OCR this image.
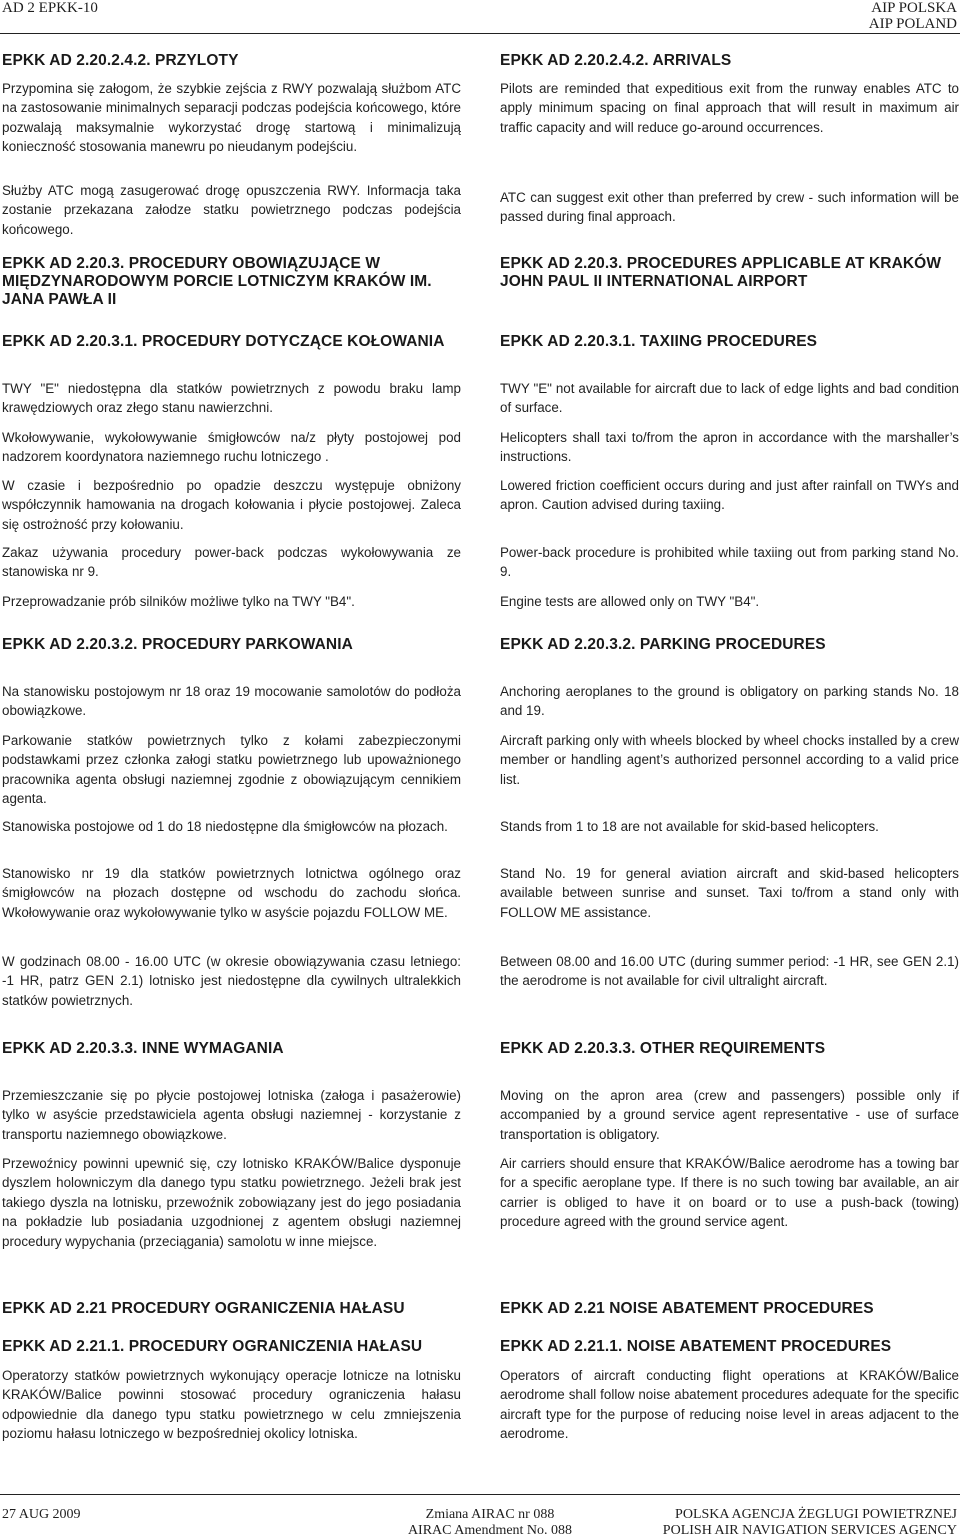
AD 2 EPKK-10	AIP POLSKA
AIP POLAND
EPKK AD 2.20.2.4.2. PRZYLOTY

Przypomina się załogom, że szybkie zejścia z RWY pozwalają służbom ATC na zastosowanie minimalnych separacji podczas podejścia końcowego, które pozwalają maksymalnie wykorzystać drogę startową i minimalizują konieczność stosowania manewru po nieudanym podejściu.

Służby ATC mogą zasugerować drogę opuszczenia RWY. Informacja taka zostanie przekazana załodze statku powietrznego podczas podejścia końcowego.

EPKK AD 2.20.3. PROCEDURY OBOWIĄZUJĄCE W MIĘDZYNARODOWYM PORCIE LOTNICZYM KRAKÓW IM. JANA PAWŁA II
EPKK AD 2.20.3.1. PROCEDURY DOTYCZĄCE KOŁOWANIA

TWY "E" niedostępna dla statków powietrznych z powodu braku lamp krawędziowych oraz złego stanu nawierzchni.

Wkołowywanie, wykołowywanie śmigłowców na/z płyty postojowej pod nadzorem koordynatora naziemnego ruchu lotniczego .

W czasie i bezpośrednio po opadzie deszczu występuje obniżony współczynnik hamowania na drogach kołowania i płycie postojowej. Zaleca się ostrożność przy kołowaniu.

Zakaz używania procedury power-back podczas wykołowywania ze stanowiska nr 9.

Przeprowadzanie prób silników możliwe tylko na TWY "B4".

EPKK AD 2.20.3.2. PROCEDURY PARKOWANIA

Na stanowisku postojowym nr 18 oraz 19 mocowanie samolotów do podłoża obowiązkowe.

Parkowanie statków powietrznych tylko z kołami zabezpieczonymi podstawkami przez członka załogi statku powietrznego lub upoważnionego pracownika agenta obsługi naziemnej zgodnie z obowiązującym cennikiem agenta.

Stanowiska postojowe od 1 do 18 niedostępne dla śmigłowców na płozach.

Stanowisko nr 19 dla statków powietrznych lotnictwa ogólnego oraz śmigłowców na płozach dostępne od wschodu do zachodu słońca. Wkołowywanie oraz wykołowywanie tylko w asyście pojazdu FOLLOW ME.

W godzinach 08.00 - 16.00 UTC (w okresie obowiązywania czasu letniego: -1 HR, patrz GEN 2.1) lotnisko jest niedostępne dla cywilnych ultralekkich statków powietrznych.

EPKK AD 2.20.3.3. INNE WYMAGANIA

Przemieszczanie się po płycie postojowej lotniska (załoga i pasażerowie) tylko w asyście przedstawiciela agenta obsługi naziemnej - korzystanie z transportu naziemnego obowiązkowe.

Przewoźnicy powinni upewnić się, czy lotnisko KRAKÓW/Balice dysponuje dyszlem holowniczym dla danego typu statku powietrznego. Jeżeli brak jest takiego dyszla na lotnisku, przewoźnik zobowiązany jest do jego posiadania na pokładzie lub posiadania uzgodnionej z agentem obsługi naziemnej procedury wypychania (przeciągania) samolotu w inne miejsce.

EPKK AD 2.21 PROCEDURY OGRANICZENIA HAŁASU
EPKK AD 2.21.1. PROCEDURY OGRANICZENIA HAŁASU

Operatorzy statków powietrznych wykonujący operacje lotnicze na lotnisku KRAKÓW/Balice powinni stosować procedury ograniczenia hałasu odpowiednie dla danego typu statku powietrznego w celu zmniejszenia poziomu hałasu lotniczego w bezpośredniej okolicy lotniska.

EPKK AD 2.20.2.4.2. ARRIVALS

Pilots are reminded that expeditious exit from the runway enables ATC to apply minimum spacing on final approach that will result in maximum air traffic capacity and will reduce go-around occurrences.

ATC can suggest exit other than preferred by crew - such information will be passed during final approach.

EPKK AD 2.20.3. PROCEDURES APPLICABLE AT KRAKÓW JOHN PAUL II INTERNATIONAL AIRPORT
EPKK AD 2.20.3.1. TAXIING PROCEDURES

TWY "E" not available for aircraft due to lack of edge lights and bad condition of surface.

Helicopters shall taxi to/from the apron in accordance with the marshaller’s instructions.

Lowered friction coefficient occurs during and just after rainfall on TWYs and apron. Caution advised during taxiing.

Power-back procedure is prohibited while taxiing out from parking stand No. 9.

Engine tests are allowed only on TWY "B4".

EPKK AD 2.20.3.2. PARKING PROCEDURES

Anchoring aeroplanes to the ground is obligatory on parking stands No. 18 and 19.

Aircraft parking only with wheels blocked by wheel chocks installed by a crew member or handling agent’s authorized personnel according to a valid price list.

Stands from 1 to 18 are not available for skid-based helicopters.

Stand No. 19 for general aviation aircraft and skid-based helicopters available between sunrise and sunset. Taxi to/from a stand only with FOLLOW ME assistance.

Between 08.00 and 16.00 UTC (during summer period: -1 HR, see GEN 2.1) the aerodrome is not available for civil ultralight aircraft.

EPKK AD 2.20.3.3. OTHER REQUIREMENTS

Moving on the apron area (crew and passengers) possible only if accompanied by a ground service agent representative - use of surface transportation is obligatory.

Air carriers should ensure that KRAKÓW/Balice aerodrome has a towing bar for a specific aeroplane type. If there is no such towing bar available, an air carrier is obliged to have it on board or to use a push-back (towing) procedure agreed with the ground service agent.

EPKK AD 2.21 NOISE ABATEMENT PROCEDURES
EPKK AD 2.21.1. NOISE ABATEMENT PROCEDURES

Operators of aircraft conducting flight operations at KRAKÓW/Balice aerodrome shall follow noise abatement procedures adequate for the specific aircraft type for the purpose of reducing noise level in areas adjacent to the aerodrome.

27 AUG 2009	Zmiana AIRAC nr 088
AIRAC Amendment No. 088
POLSKA AGENCJA ŻEGLUGI POWIETRZNEJ
POLISH AIR NAVIGATION SERVICES AGENCY
